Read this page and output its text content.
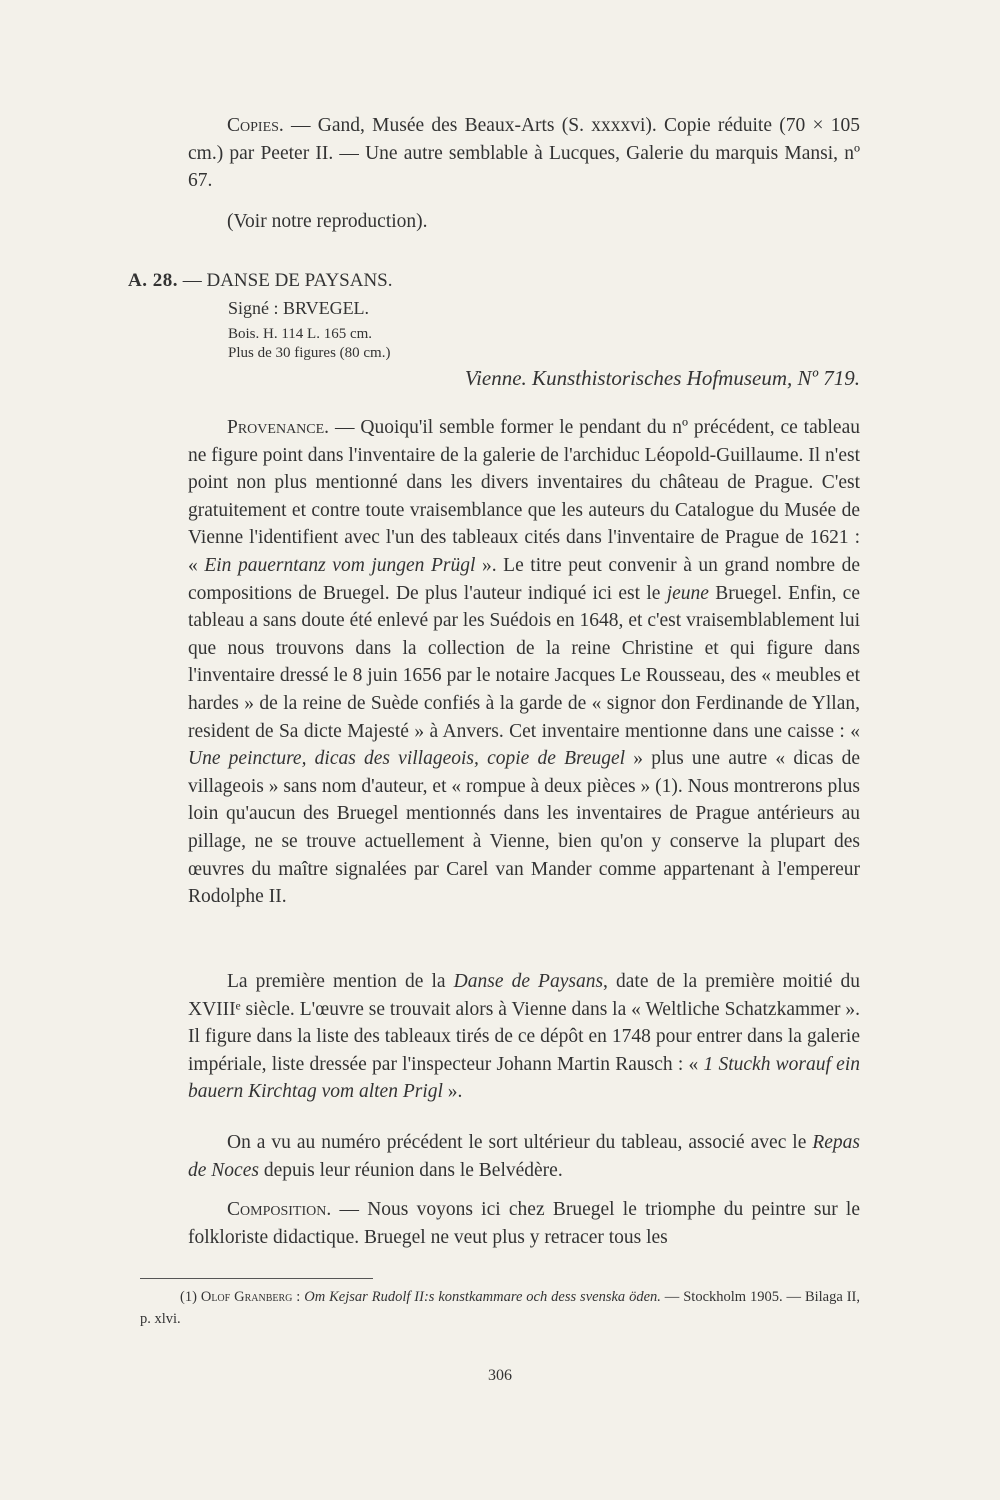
Copies. — Gand, Musée des Beaux-Arts (S. xxxxvi). Copie réduite (70 × 105 cm.) par Peeter II. — Une autre semblable à Lucques, Galerie du marquis Mansi, nº 67.

(Voir notre reproduction).

A. 28. — DANSE DE PAYSANS.
Signé : BRVEGEL.
Bois. H. 114 L. 165 cm.
Plus de 30 figures (80 cm.)
Vienne. Kunsthistorisches Hofmuseum, Nº 719.

Provenance. — Quoiqu'il semble former le pendant du nº précédent, ce tableau ne figure point dans l'inventaire de la galerie de l'archiduc Léopold-Guillaume. Il n'est point non plus mentionné dans les divers inventaires du château de Prague. C'est gratuitement et contre toute vraisemblance que les auteurs du Catalogue du Musée de Vienne l'identifient avec l'un des tableaux cités dans l'inventaire de Prague de 1621 : « Ein pauerntanz vom jungen Prügl ». Le titre peut convenir à un grand nombre de compositions de Bruegel. De plus l'auteur indiqué ici est le jeune Bruegel. Enfin, ce tableau a sans doute été enlevé par les Suédois en 1648, et c'est vraisemblablement lui que nous trouvons dans la collection de la reine Christine et qui figure dans l'inventaire dressé le 8 juin 1656 par le notaire Jacques Le Rousseau, des « meubles et hardes » de la reine de Suède confiés à la garde de « signor don Ferdinande de Yllan, resident de Sa dicte Majesté » à Anvers. Cet inventaire mentionne dans une caisse : « Une peincture, dicas des villageois, copie de Breugel » plus une autre « dicas de villageois » sans nom d'auteur, et « rompue à deux pièces » (1). Nous montrerons plus loin qu'aucun des Bruegel mentionnés dans les inventaires de Prague antérieurs au pillage, ne se trouve actuellement à Vienne, bien qu'on y conserve la plupart des œuvres du maître signalées par Carel van Mander comme appartenant à l'empereur Rodolphe II.

La première mention de la Danse de Paysans, date de la première moitié du XVIIIᵉ siècle. L'œuvre se trouvait alors à Vienne dans la « Weltliche Schatzkammer ». Il figure dans la liste des tableaux tirés de ce dépôt en 1748 pour entrer dans la galerie impériale, liste dressée par l'inspecteur Johann Martin Rausch : « 1 Stuckh worauf ein bauern Kirchtag vom alten Prigl ».

On a vu au numéro précédent le sort ultérieur du tableau, associé avec le Repas de Noces depuis leur réunion dans le Belvédère.

Composition. — Nous voyons ici chez Bruegel le triomphe du peintre sur le folkloriste didactique. Bruegel ne veut plus y retracer tous les

(1) Olof Granberg : Om Kejsar Rudolf II:s konstkammare och dess svenska öden. — Stockholm 1905. — Bilaga II, p. xlvi.

306
